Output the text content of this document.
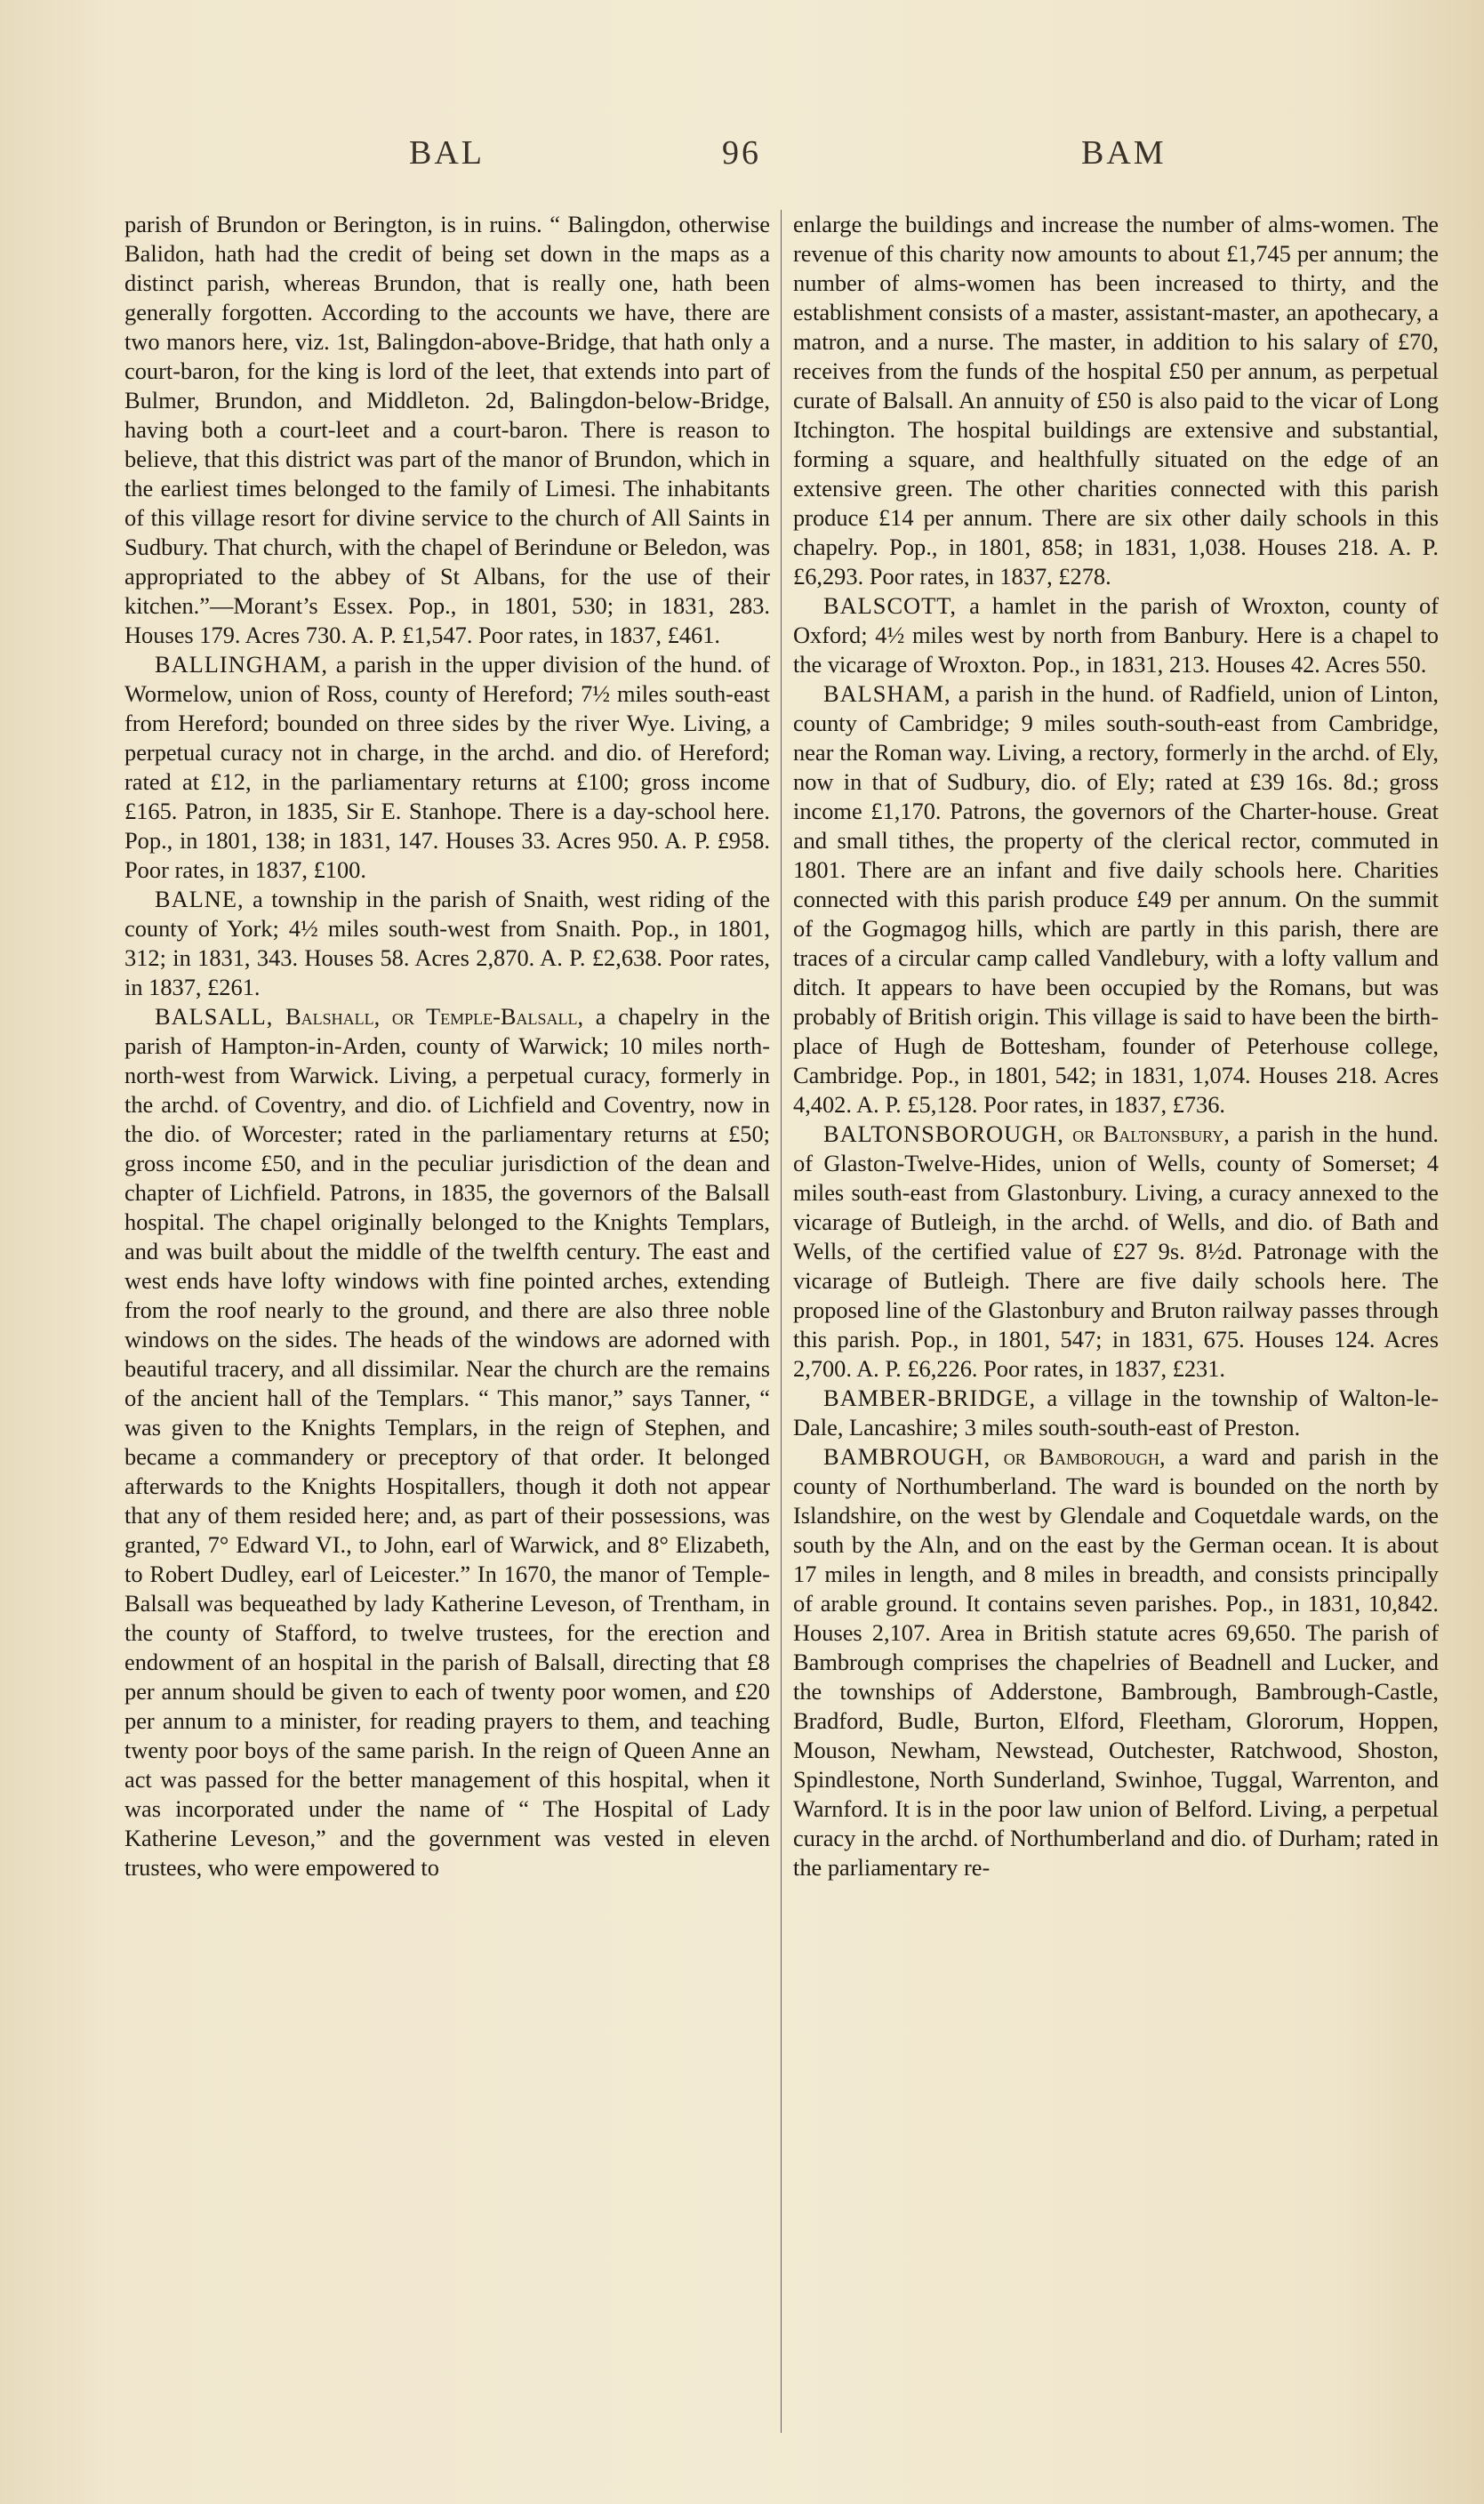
BAL	96	BAM

parish of Brundon or Berington, is in ruins. “ Balingdon, otherwise Balidon, hath had the credit of being set down in the maps as a distinct parish, whereas Brundon, that is really one, hath been generally forgotten. According to the accounts we have, there are two manors here, viz. 1st, Balingdon-above-Bridge, that hath only a court-baron, for the king is lord of the leet, that extends into part of Bulmer, Brundon, and Middleton. 2d, Balingdon-below-Bridge, having both a court-leet and a court-baron. There is reason to believe, that this district was part of the manor of Brundon, which in the earliest times belonged to the family of Limesi. The inhabitants of this village resort for divine service to the church of All Saints in Sudbury. That church, with the chapel of Berindune or Beledon, was appropriated to the abbey of St Albans, for the use of their kitchen.”—Morant’s Essex. Pop., in 1801, 530; in 1831, 283. Houses 179. Acres 730. A. P. £1,547. Poor rates, in 1837, £461.

BALLINGHAM, a parish in the upper division of the hund. of Wormelow, union of Ross, county of Hereford; 7½ miles south-east from Hereford; bounded on three sides by the river Wye. Living, a perpetual curacy not in charge, in the archd. and dio. of Hereford; rated at £12, in the parliamentary returns at £100; gross income £165. Patron, in 1835, Sir E. Stanhope. There is a day-school here. Pop., in 1801, 138; in 1831, 147. Houses 33. Acres 950. A. P. £958. Poor rates, in 1837, £100.

BALNE, a township in the parish of Snaith, west riding of the county of York; 4½ miles south-west from Snaith. Pop., in 1801, 312; in 1831, 343. Houses 58. Acres 2,870. A. P. £2,638. Poor rates, in 1837, £261.

BALSALL, Balshall, or Temple-Balsall, a chapelry in the parish of Hampton-in-Arden, county of Warwick; 10 miles north-north-west from Warwick. Living, a perpetual curacy, formerly in the archd. of Coventry, and dio. of Lichfield and Coventry, now in the dio. of Worcester; rated in the parliamentary returns at £50; gross income £50, and in the peculiar jurisdiction of the dean and chapter of Lichfield. Patrons, in 1835, the governors of the Balsall hospital. The chapel originally belonged to the Knights Templars, and was built about the middle of the twelfth century. The east and west ends have lofty windows with fine pointed arches, extending from the roof nearly to the ground, and there are also three noble windows on the sides. The heads of the windows are adorned with beautiful tracery, and all dissimilar. Near the church are the remains of the ancient hall of the Templars. “ This manor,” says Tanner, “ was given to the Knights Templars, in the reign of Stephen, and became a commandery or preceptory of that order. It belonged afterwards to the Knights Hospitallers, though it doth not appear that any of them resided here; and, as part of their possessions, was granted, 7° Edward VI., to John, earl of Warwick, and 8° Elizabeth, to Robert Dudley, earl of Leicester.” In 1670, the manor of Temple-Balsall was bequeathed by lady Katherine Leveson, of Trentham, in the county of Stafford, to twelve trustees, for the erection and endowment of an hospital in the parish of Balsall, directing that £8 per annum should be given to each of twenty poor women, and £20 per annum to a minister, for reading prayers to them, and teaching twenty poor boys of the same parish. In the reign of Queen Anne an act was passed for the better management of this hospital, when it was incorporated under the name of “ The Hospital of Lady Katherine Leveson,” and the government was vested in eleven trustees, who were empowered to

enlarge the buildings and increase the number of alms-women. The revenue of this charity now amounts to about £1,745 per annum; the number of alms-women has been increased to thirty, and the establishment consists of a master, assistant-master, an apothecary, a matron, and a nurse. The master, in addition to his salary of £70, receives from the funds of the hospital £50 per annum, as perpetual curate of Balsall. An annuity of £50 is also paid to the vicar of Long Itchington. The hospital buildings are extensive and substantial, forming a square, and healthfully situated on the edge of an extensive green. The other charities connected with this parish produce £14 per annum. There are six other daily schools in this chapelry. Pop., in 1801, 858; in 1831, 1,038. Houses 218. A. P. £6,293. Poor rates, in 1837, £278.

BALSCOTT, a hamlet in the parish of Wroxton, county of Oxford; 4½ miles west by north from Banbury. Here is a chapel to the vicarage of Wroxton. Pop., in 1831, 213. Houses 42. Acres 550.

BALSHAM, a parish in the hund. of Radfield, union of Linton, county of Cambridge; 9 miles south-south-east from Cambridge, near the Roman way. Living, a rectory, formerly in the archd. of Ely, now in that of Sudbury, dio. of Ely; rated at £39 16s. 8d.; gross income £1,170. Patrons, the governors of the Charter-house. Great and small tithes, the property of the clerical rector, commuted in 1801. There are an infant and five daily schools here. Charities connected with this parish produce £49 per annum. On the summit of the Gogmagog hills, which are partly in this parish, there are traces of a circular camp called Vandlebury, with a lofty vallum and ditch. It appears to have been occupied by the Romans, but was probably of British origin. This village is said to have been the birth-place of Hugh de Bottesham, founder of Peterhouse college, Cambridge. Pop., in 1801, 542; in 1831, 1,074. Houses 218. Acres 4,402. A. P. £5,128. Poor rates, in 1837, £736.

BALTONSBOROUGH, or Baltonsbury, a parish in the hund. of Glaston-Twelve-Hides, union of Wells, county of Somerset; 4 miles south-east from Glastonbury. Living, a curacy annexed to the vicarage of Butleigh, in the archd. of Wells, and dio. of Bath and Wells, of the certified value of £27 9s. 8½d. Patronage with the vicarage of Butleigh. There are five daily schools here. The proposed line of the Glastonbury and Bruton railway passes through this parish. Pop., in 1801, 547; in 1831, 675. Houses 124. Acres 2,700. A. P. £6,226. Poor rates, in 1837, £231.

BAMBER-BRIDGE, a village in the township of Walton-le-Dale, Lancashire; 3 miles south-south-east of Preston.

BAMBROUGH, or Bamborough, a ward and parish in the county of Northumberland. The ward is bounded on the north by Islandshire, on the west by Glendale and Coquetdale wards, on the south by the Aln, and on the east by the German ocean. It is about 17 miles in length, and 8 miles in breadth, and consists principally of arable ground. It contains seven parishes. Pop., in 1831, 10,842. Houses 2,107. Area in British statute acres 69,650. The parish of Bambrough comprises the chapelries of Beadnell and Lucker, and the townships of Adderstone, Bambrough, Bambrough-Castle, Bradford, Budle, Burton, Elford, Fleetham, Glororum, Hoppen, Mouson, Newham, Newstead, Outchester, Ratchwood, Shoston, Spindlestone, North Sunderland, Swinhoe, Tuggal, Warrenton, and Warnford. It is in the poor law union of Belford. Living, a perpetual curacy in the archd. of Northumberland and dio. of Durham; rated in the parliamentary re-
